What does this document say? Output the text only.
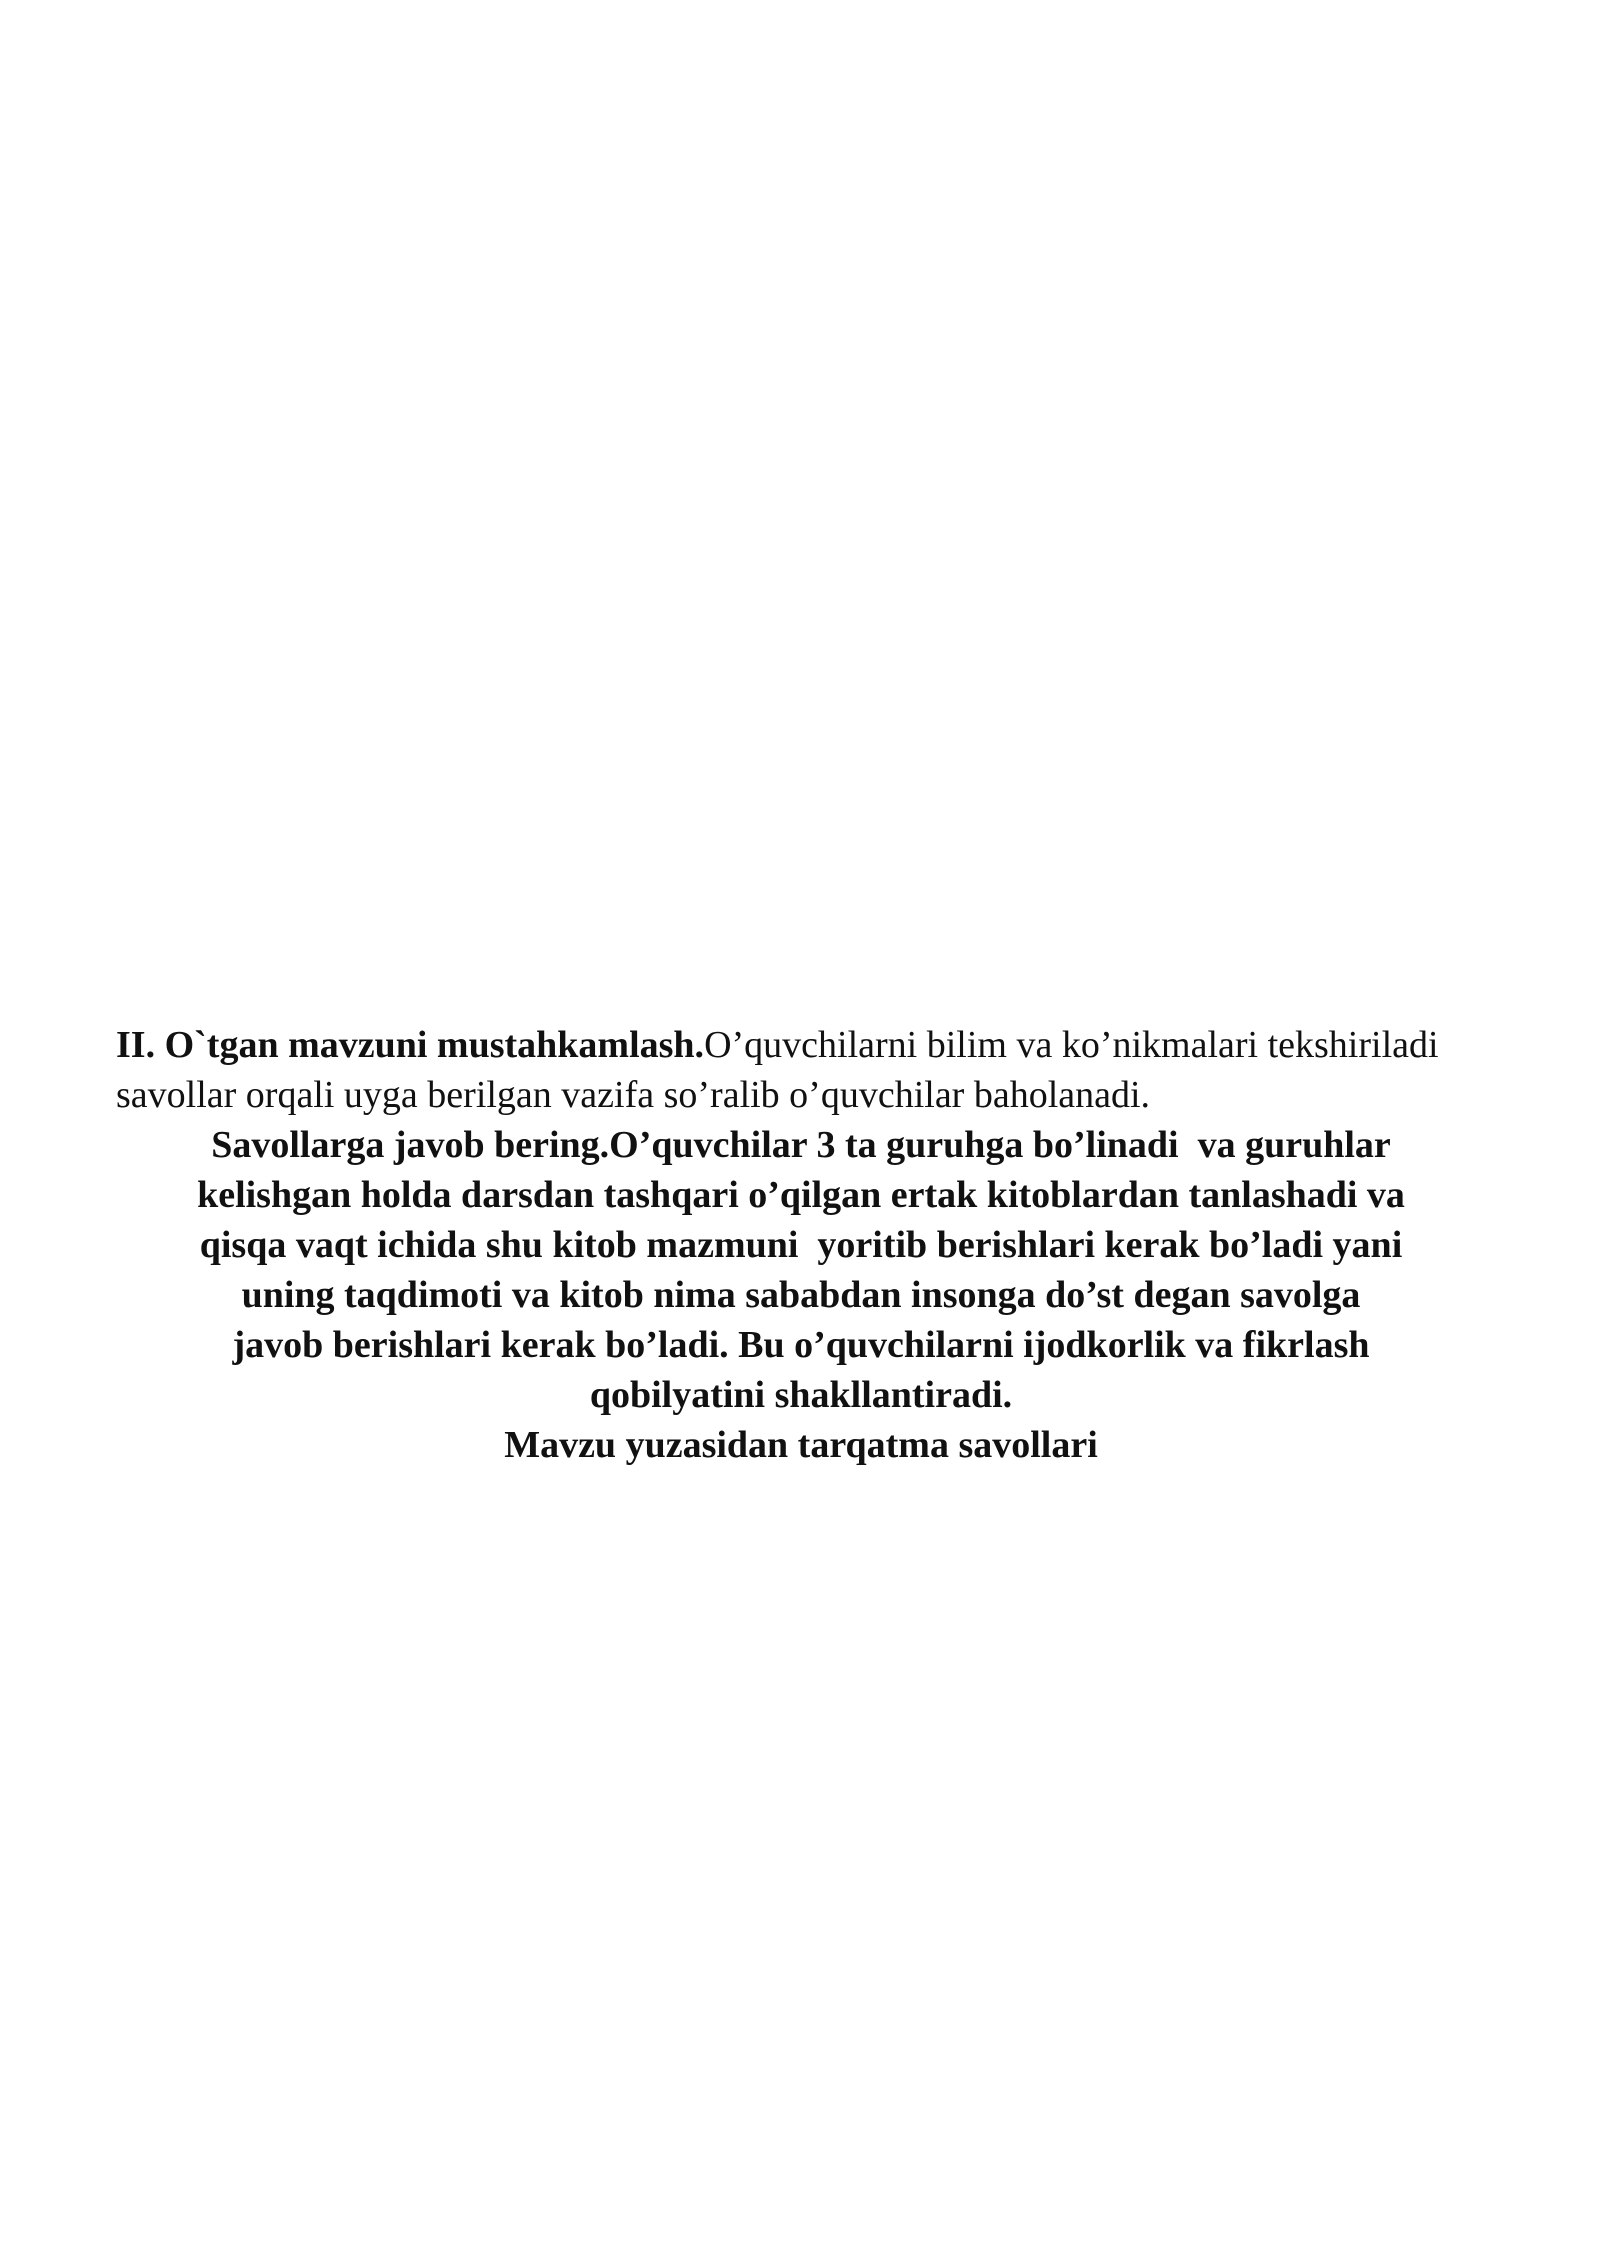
II. O`tgan mavzuni mustahkamlash.O’quvchilarni bilim va ko’nikmalari tekshiriladi savollar orqali uyga berilgan vazifa so’ralib o’quvchilar baholanadi.

Savollarga javob bering.O’quvchilar 3 ta guruhga bo’linadi  va guruhlar
kelishgan holda darsdan tashqari o’qilgan ertak kitoblardan tanlashadi va
qisqa vaqt ichida shu kitob mazmuni  yoritib berishlari kerak bo’ladi yani
uning taqdimoti va kitob nima sababdan insonga do’st degan savolga
javob berishlari kerak bo’ladi. Bu o’quvchilarni ijodkorlik va fikrlash
qobilyatini shakllantiradi.
Mavzu yuzasidan tarqatma savollari
